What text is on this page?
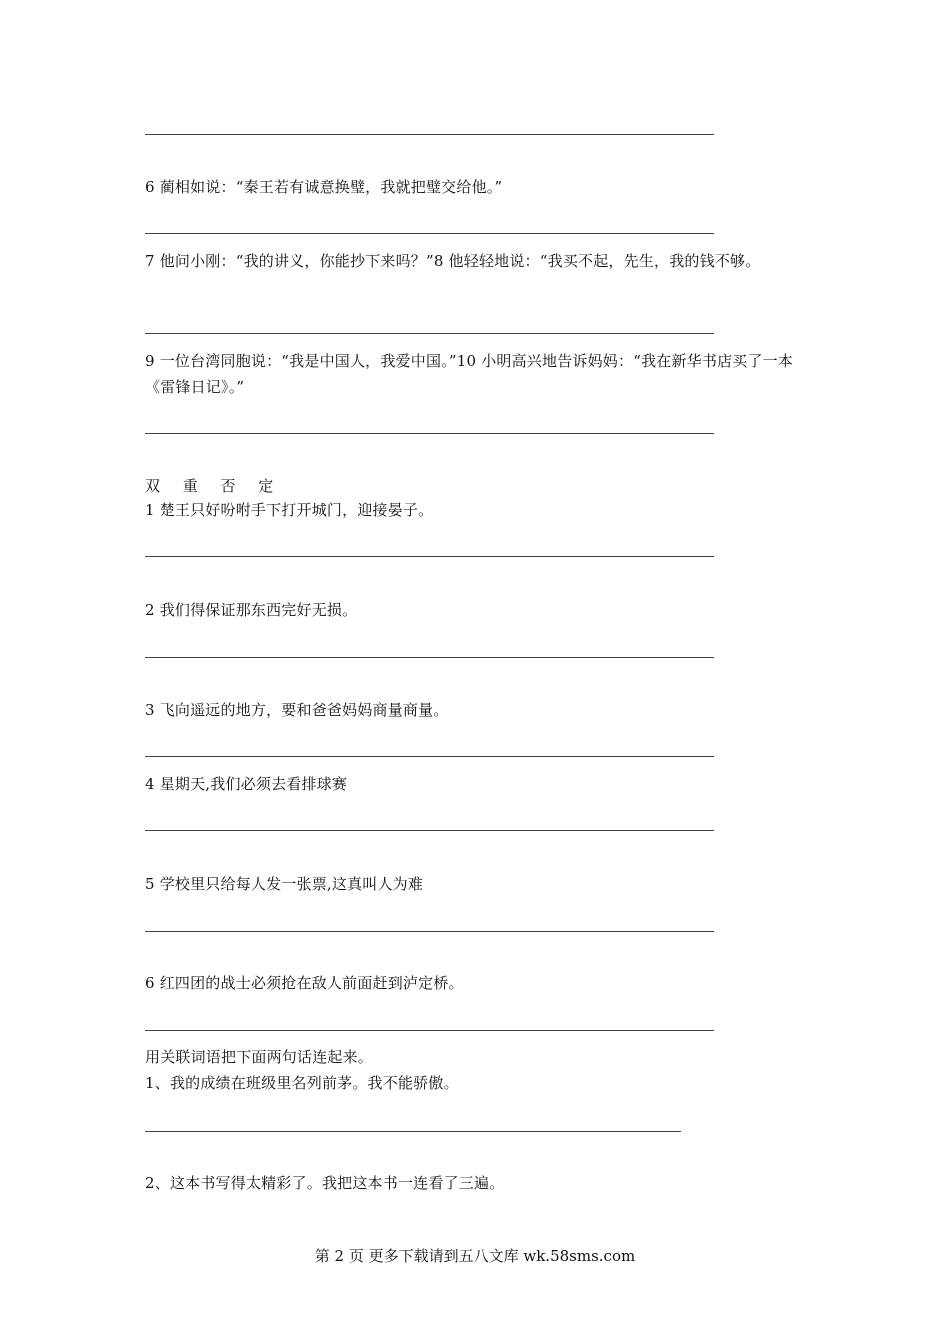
6 蔺相如说：“秦王若有诚意换璧，我就把璧交给他。”
7 他问小刚：“我的讲义，你能抄下来吗？”8 他轻轻地说：“我买不起，先生，我的钱不够。
9 一位台湾同胞说：“我是中国人，我爱中国。”10 小明高兴地告诉妈妈：“我在新华书店买了一本《雷锋日记》。”
双 重 否 定
1 楚王只好吩咐手下打开城门，迎接晏子。
2 我们得保证那东西完好无损。
3 飞向遥远的地方，要和爸爸妈妈商量商量。
4 星期天,我们必须去看排球赛
5 学校里只给每人发一张票,这真叫人为难
6 红四团的战士必须抢在敌人前面赶到泸定桥。
用关联词语把下面两句话连起来。
1、我的成绩在班级里名列前茅。我不能骄傲。
2、这本书写得太精彩了。我把这本书一连看了三遍。
第 2 页 更多下载请到五八文库 wk.58sms.com
